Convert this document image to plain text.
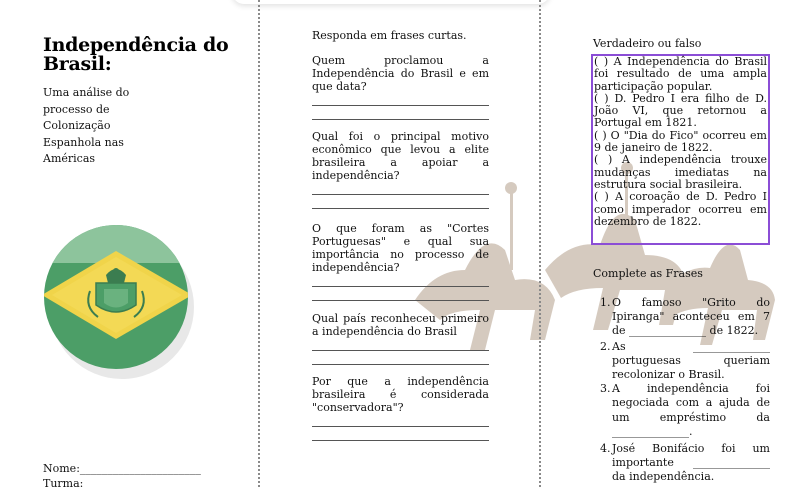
Independência do Brasil:
Uma análise do processo de Colonização Espanhola nas Américas
Nome:______________________
Turma:
Responda em frases curtas.
Quem proclamou a Independência do Brasil e em que data?
Qual foi o principal motivo econômico que levou a elite brasileira a apoiar a independência?
O que foram as "Cortes Portuguesas" e qual sua importância no processo de independência?
Qual país reconheceu primeiro a independência do Brasil
Por que a independência brasileira é considerada "conservadora"?
Verdadeiro ou falso
( ) A Independência do Brasil foi resultado de uma ampla participação popular.
( ) D. Pedro I era filho de D. João VI, que retornou a Portugal em 1821.
( ) O "Dia do Fico" ocorreu em 9 de janeiro de 1822.
( ) A independência trouxe mudanças imediatas na estrutura social brasileira.
( ) A coroação de D. Pedro I como imperador ocorreu em dezembro de 1822.
Complete as Frases
1. O famoso "Grito do Ipiranga" aconteceu em 7 de ______________ de 1822.
2. As ______________ portuguesas queriam recolonizar o Brasil.
3. A independência foi negociada com a ajuda de um empréstimo da ______________.
4. José Bonifácio foi um importante ______________ da independência.
